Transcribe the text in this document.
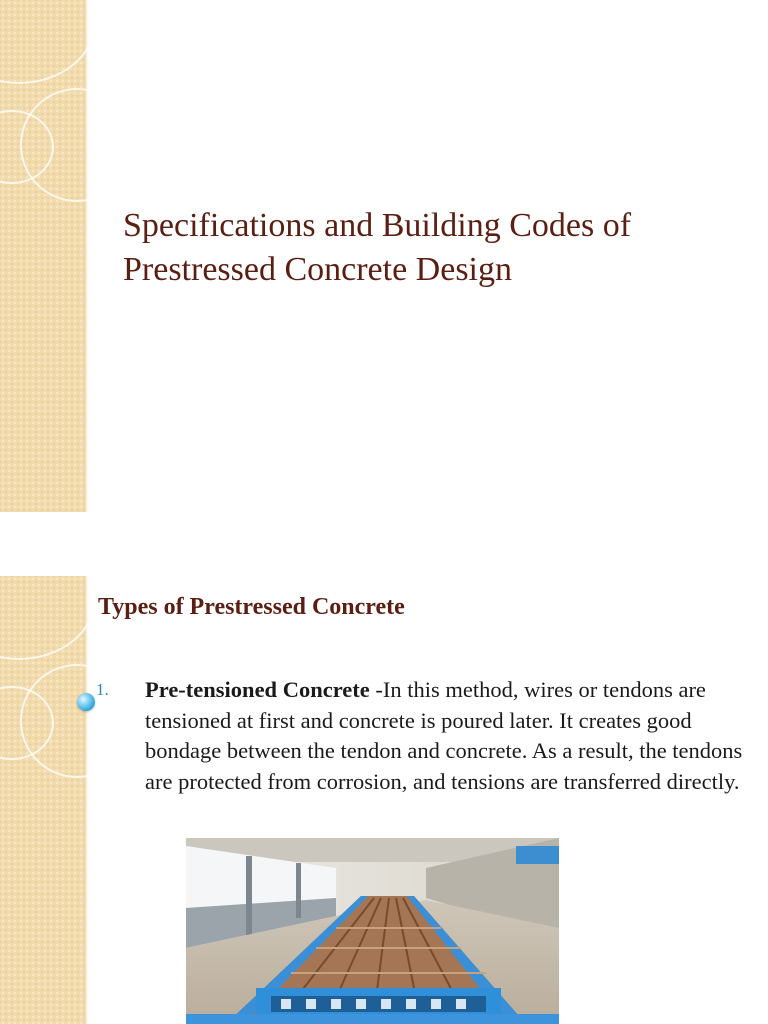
Specifications and Building Codes of
Prestressed Concrete Design
Types of Prestressed Concrete
1. Pre-tensioned Concrete -In this method, wires or tendons are tensioned at first and concrete is poured later. It creates good bondage between the tendon and concrete. As a result, the tendons are protected from corrosion, and tensions are transferred directly.
